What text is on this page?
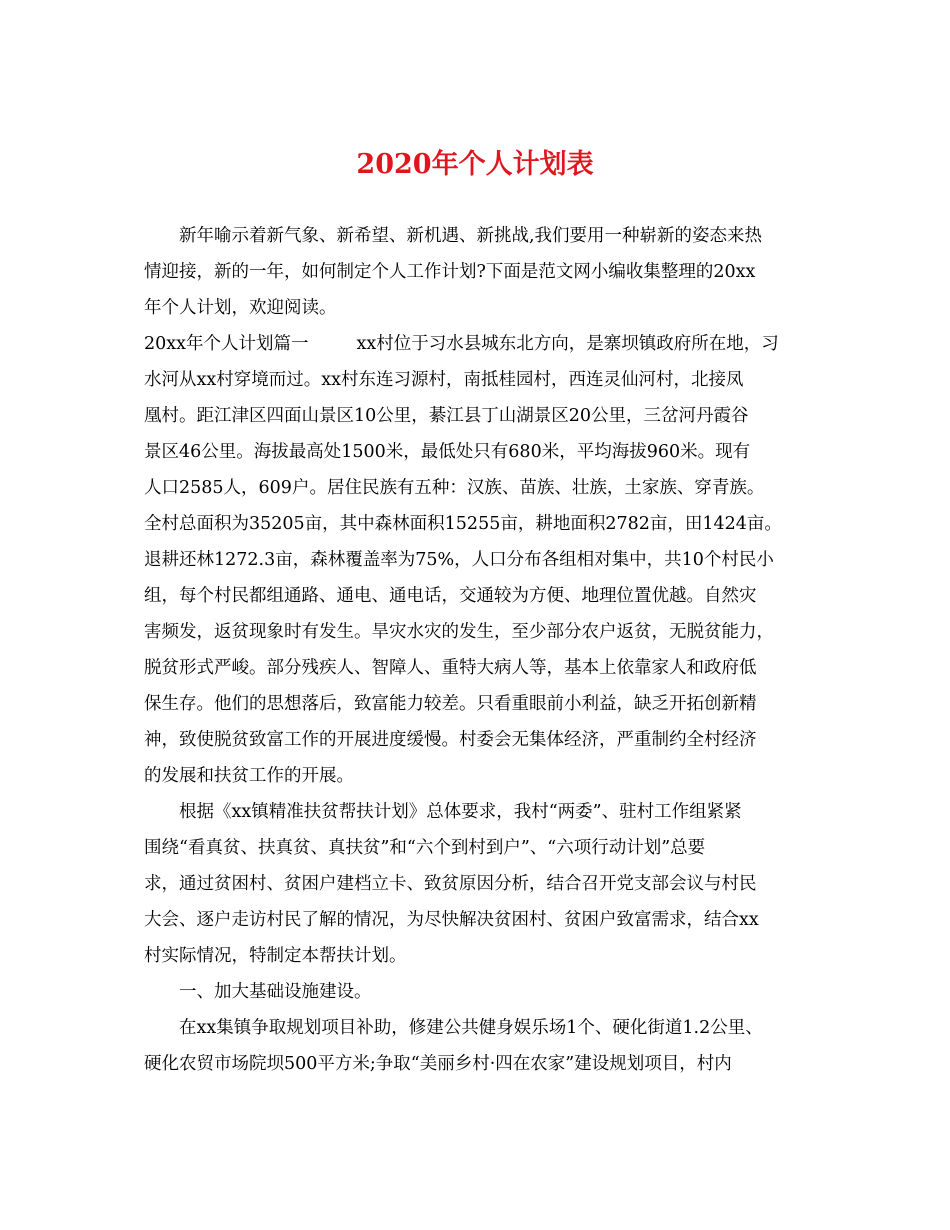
2020年个人计划表
　　新年喻示着新气象、新希望、新机遇、新挑战,我们要用一种崭新的姿态来热
情迎接，新的一年，如何制定个人工作计划?下面是范文网小编收集整理的20xx
年个人计划，欢迎阅读。
20xx年个人计划篇一	xx村位于习水县城东北方向，是寨坝镇政府所在地，习
水河从xx村穿境而过。xx村东连习源村，南抵桂园村，西连灵仙河村，北接凤
凰村。距江津区四面山景区10公里，綦江县丁山湖景区20公里，三岔河丹霞谷
景区46公里。海拔最高处1500米，最低处只有680米，平均海拔960米。现有
人口2585人，609户。居住民族有五种：汉族、苗族、壮族，土家族、穿青族。
全村总面积为35205亩，其中森林面积15255亩，耕地面积2782亩，田1424亩。
退耕还林1272.3亩，森林覆盖率为75%，人口分布各组相对集中，共10个村民小
组，每个村民都组通路、通电、通电话，交通较为方便、地理位置优越。自然灾
害频发，返贫现象时有发生。旱灾水灾的发生，至少部分农户返贫，无脱贫能力，
脱贫形式严峻。部分残疾人、智障人、重特大病人等，基本上依靠家人和政府低
保生存。他们的思想落后，致富能力较差。只看重眼前小利益，缺乏开拓创新精
神，致使脱贫致富工作的开展进度缓慢。村委会无集体经济，严重制约全村经济
的发展和扶贫工作的开展。
　　根据《xx镇精准扶贫帮扶计划》总体要求，我村“两委”、驻村工作组紧紧
围绕“看真贫、扶真贫、真扶贫”和“六个到村到户”、“六项行动计划”总要
求，通过贫困村、贫困户建档立卡、致贫原因分析，结合召开党支部会议与村民
大会、逐户走访村民了解的情况，为尽快解决贫困村、贫困户致富需求，结合xx
村实际情况，特制定本帮扶计划。
　　一、加大基础设施建设。
　　在xx集镇争取规划项目补助，修建公共健身娱乐场1个、硬化街道1.2公里、
硬化农贸市场院坝500平方米;争取“美丽乡村·四在农家”建设规划项目，村内
